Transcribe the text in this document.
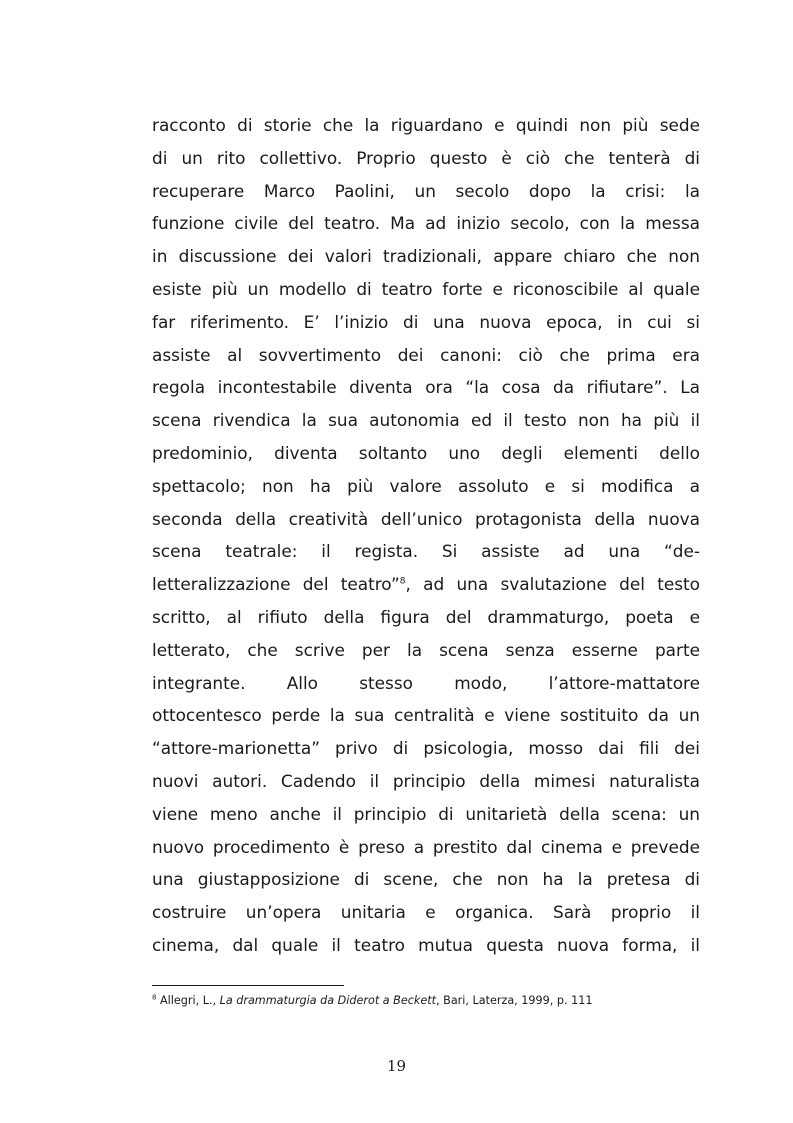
racconto di storie che la riguardano e quindi non più sede
di un rito collettivo. Proprio questo è ciò che tenterà di
recuperare Marco Paolini, un secolo dopo la crisi: la
funzione civile del teatro. Ma ad inizio secolo, con la messa
in discussione dei valori tradizionali, appare chiaro che non
esiste più un modello di teatro forte e riconoscibile al quale
far riferimento. E’ l’inizio di una nuova epoca, in cui si
assiste al sovvertimento dei canoni: ciò che prima era
regola incontestabile diventa ora “la cosa da rifiutare”. La
scena rivendica la sua autonomia ed il testo non ha più il
predominio, diventa soltanto uno degli elementi dello
spettacolo; non ha più valore assoluto e si modifica a
seconda della creatività dell’unico protagonista della nuova
scena teatrale: il regista. Si assiste ad una “de-
letteralizzazione del teatro”$^8$, ad una svalutazione del testo
scritto, al rifiuto della figura del drammaturgo, poeta e
letterato, che scrive per la scena senza esserne parte
integrante. Allo stesso modo, l’attore-mattatore
ottocentesco perde la sua centralità e viene sostituito da un
“attore-marionetta” privo di psicologia, mosso dai fili dei
nuovi autori. Cadendo il principio della mimesi naturalista
viene meno anche il principio di unitarietà della scena: un
nuovo procedimento è preso a prestito dal cinema e prevede
una giustapposizione di scene, che non ha la pretesa di
costruire un’opera unitaria e organica. Sarà proprio il
cinema, dal quale il teatro mutua questa nuova forma, il
$^8$ Allegri, L., La drammaturgia da Diderot a Beckett, Bari, Laterza, 1999, p. 111
19
